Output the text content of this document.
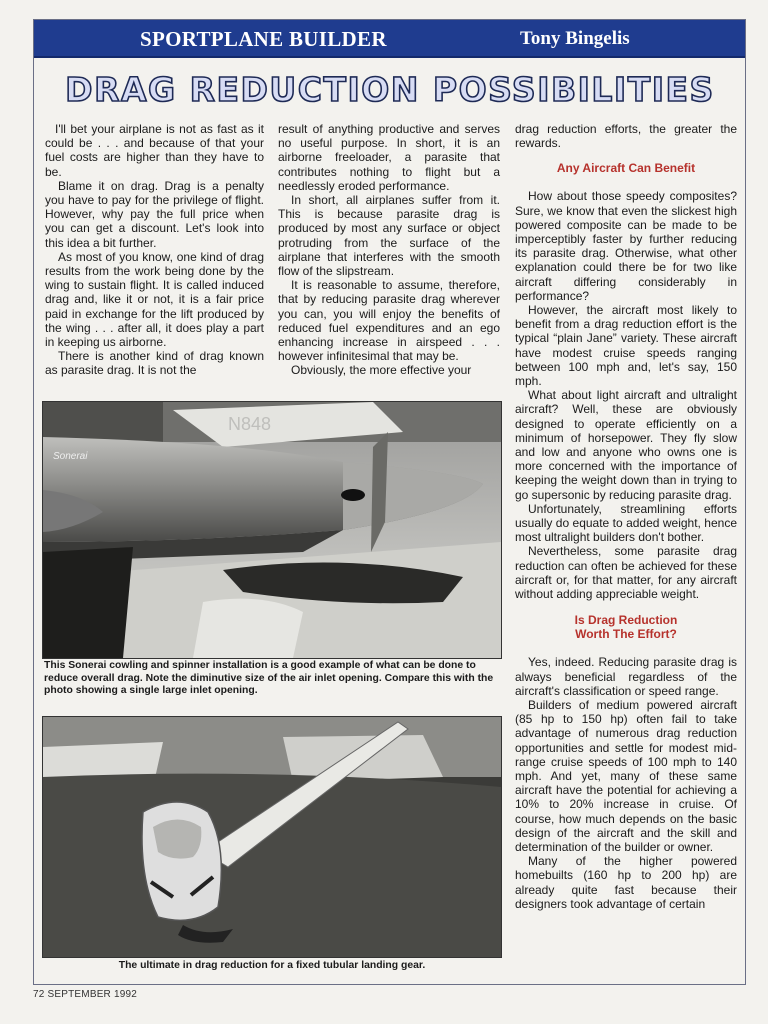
SPORTPLANE BUILDER	Tony Bingelis
DRAG REDUCTION POSSIBILITIES

I'll bet your airplane is not as fast as it could be . . . and because of that your fuel costs are higher than they have to be.

Blame it on drag. Drag is a penalty you have to pay for the privilege of flight. However, why pay the full price when you can get a discount. Let's look into this idea a bit further.

As most of you know, one kind of drag results from the work being done by the wing to sustain flight. It is called induced drag and, like it or not, it is a fair price paid in exchange for the lift produced by the wing . . . after all, it does play a part in keeping us airborne.

There is another kind of drag known as parasite drag. It is not the

result of anything productive and serves no useful purpose. In short, it is an airborne freeloader, a parasite that contributes nothing to flight but a needlessly eroded performance.

In short, all airplanes suffer from it. This is because parasite drag is produced by most any surface or object protruding from the surface of the airplane that interferes with the smooth flow of the slipstream.

It is reasonable to assume, therefore, that by reducing parasite drag wherever you can, you will enjoy the benefits of reduced fuel expenditures and an ego enhancing increase in airspeed . . . however infinitesimal that may be.

Obviously, the more effective your

drag reduction efforts, the greater the rewards.

Any Aircraft Can Benefit

How about those speedy composites? Sure, we know that even the slickest high powered composite can be made to be imperceptibly faster by further reducing its parasite drag. Otherwise, what other explanation could there be for two like aircraft differing considerably in performance?

However, the aircraft most likely to benefit from a drag reduction effort is the typical “plain Jane” variety. These aircraft have modest cruise speeds ranging between 100 mph and, let's say, 150 mph.

What about light aircraft and ultralight aircraft? Well, these are obviously designed to operate efficiently on a minimum of horsepower. They fly slow and low and anyone who owns one is more concerned with the importance of keeping the weight down than in trying to go supersonic by reducing parasite drag.

Unfortunately, streamlining efforts usually do equate to added weight, hence most ultralight builders don't bother.

Nevertheless, some parasite drag reduction can often be achieved for these aircraft or, for that matter, for any aircraft without adding appreciable weight.

Is Drag Reduction

Worth The Effort?

Yes, indeed. Reducing parasite drag is always beneficial regardless of the aircraft's classification or speed range.

Builders of medium powered aircraft (85 hp to 150 hp) often fail to take advantage of numerous drag reduction opportunities and settle for modest mid-range cruise speeds of 100 mph to 140 mph. And yet, many of these same aircraft have the potential for achieving a 10% to 20% increase in cruise. Of course, how much depends on the basic design of the aircraft and the skill and determination of the builder or owner.

Many of the higher powered homebuilts (160 hp to 200 hp) are already quite fast because their designers took advantage of certain

Sonerai
N848
This Sonerai cowling and spinner installation is a good example of what can be done to reduce overall drag. Note the diminutive size of the air inlet opening. Compare this with the photo showing a single large inlet opening.
The ultimate in drag reduction for a fixed tubular landing gear.
72 SEPTEMBER 1992
